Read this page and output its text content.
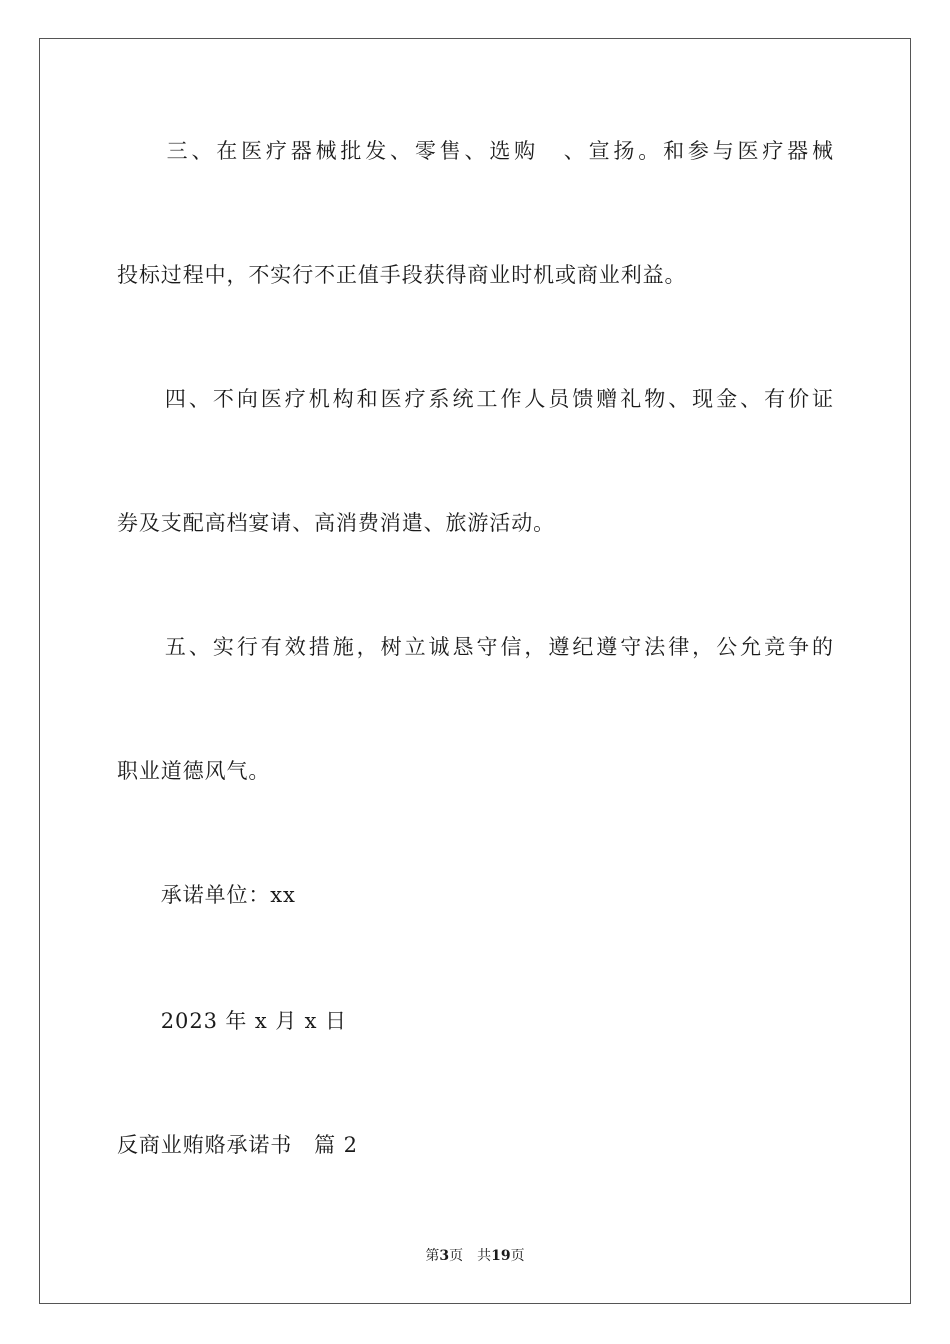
　　三、在医疗器械批发、零售、选购　、宣扬。和参与医疗器械
投标过程中，不实行不正值手段获得商业时机或商业利益。
　　四、不向医疗机构和医疗系统工作人员馈赠礼物、现金、有价证
券及支配高档宴请、高消费消遣、旅游活动。
　　五、实行有效措施，树立诚恳守信，遵纪遵守法律，公允竞争的
职业道德风气。
　　承诺单位：xx
　　2023 年 x 月 x 日
反商业贿赂承诺书　篇 2
第3页　共19页
